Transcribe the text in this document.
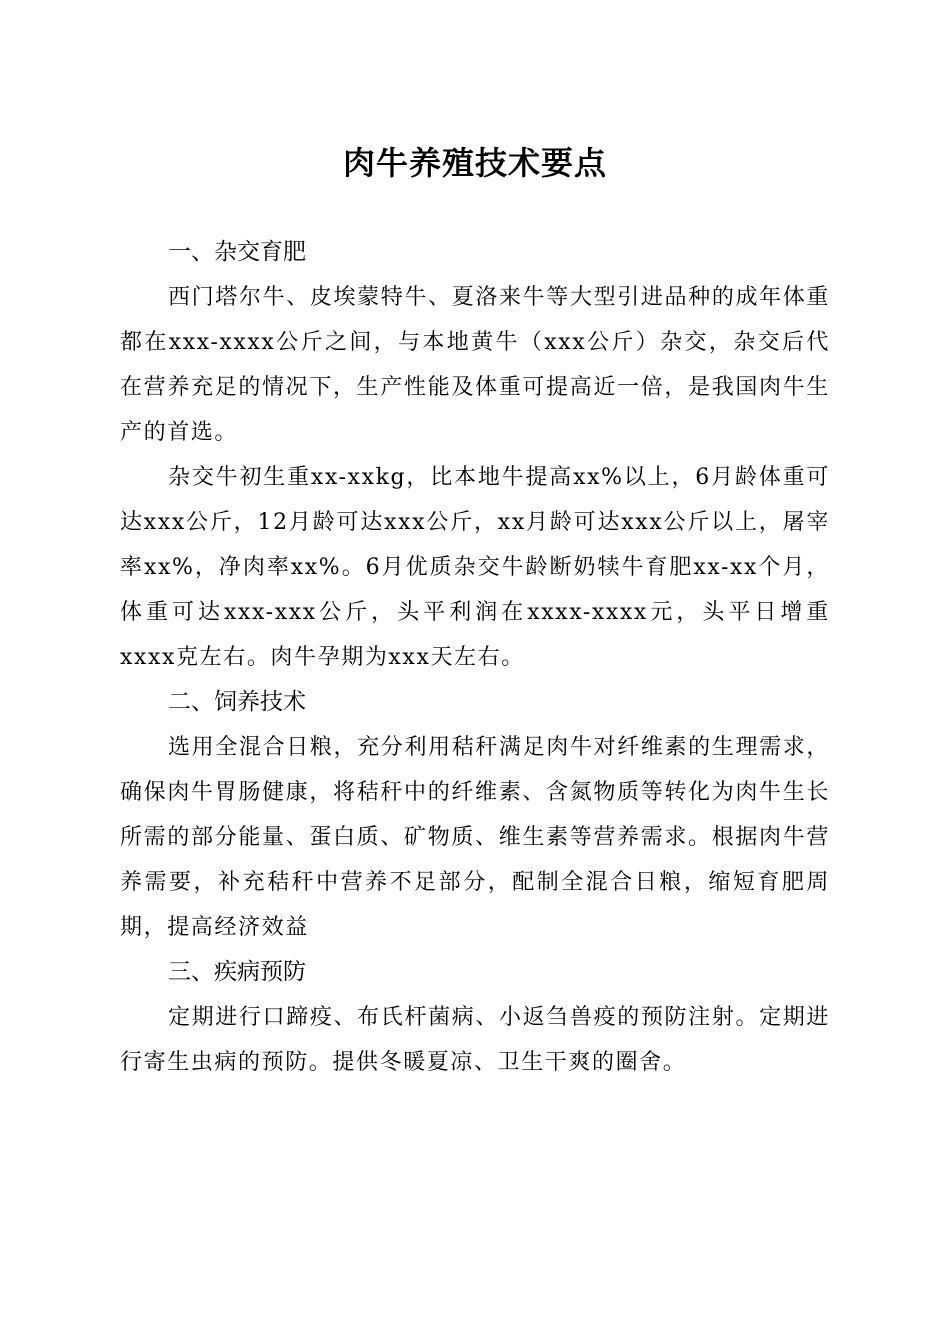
肉牛养殖技术要点

一、杂交育肥

西门塔尔牛、皮埃蒙特牛、夏洛来牛等大型引进品种的成年体重都在xxx-xxxx公斤之间，与本地黄牛（xxx公斤）杂交，杂交后代在营养充足的情况下，生产性能及体重可提高近一倍，是我国肉牛生产的首选。

杂交牛初生重xx-xxkg，比本地牛提高xx%以上，6月龄体重可达xxx公斤，12月龄可达xxx公斤，xx月龄可达xxx公斤以上，屠宰率xx%，净肉率xx%。6月优质杂交牛龄断奶犊牛育肥xx-xx个月，体重可达xxx-xxx公斤，头平利润在xxxx-xxxx元，头平日增重xxxx克左右。肉牛孕期为xxx天左右。

二、饲养技术

选用全混合日粮，充分利用秸秆满足肉牛对纤维素的生理需求，确保肉牛胃肠健康，将秸秆中的纤维素、含氮物质等转化为肉牛生长所需的部分能量、蛋白质、矿物质、维生素等营养需求。根据肉牛营养需要，补充秸秆中营养不足部分，配制全混合日粮，缩短育肥周期，提高经济效益

三、疾病预防

定期进行口蹄疫、布氏杆菌病、小返刍兽疫的预防注射。定期进行寄生虫病的预防。提供冬暖夏凉、卫生干爽的圈舍。
